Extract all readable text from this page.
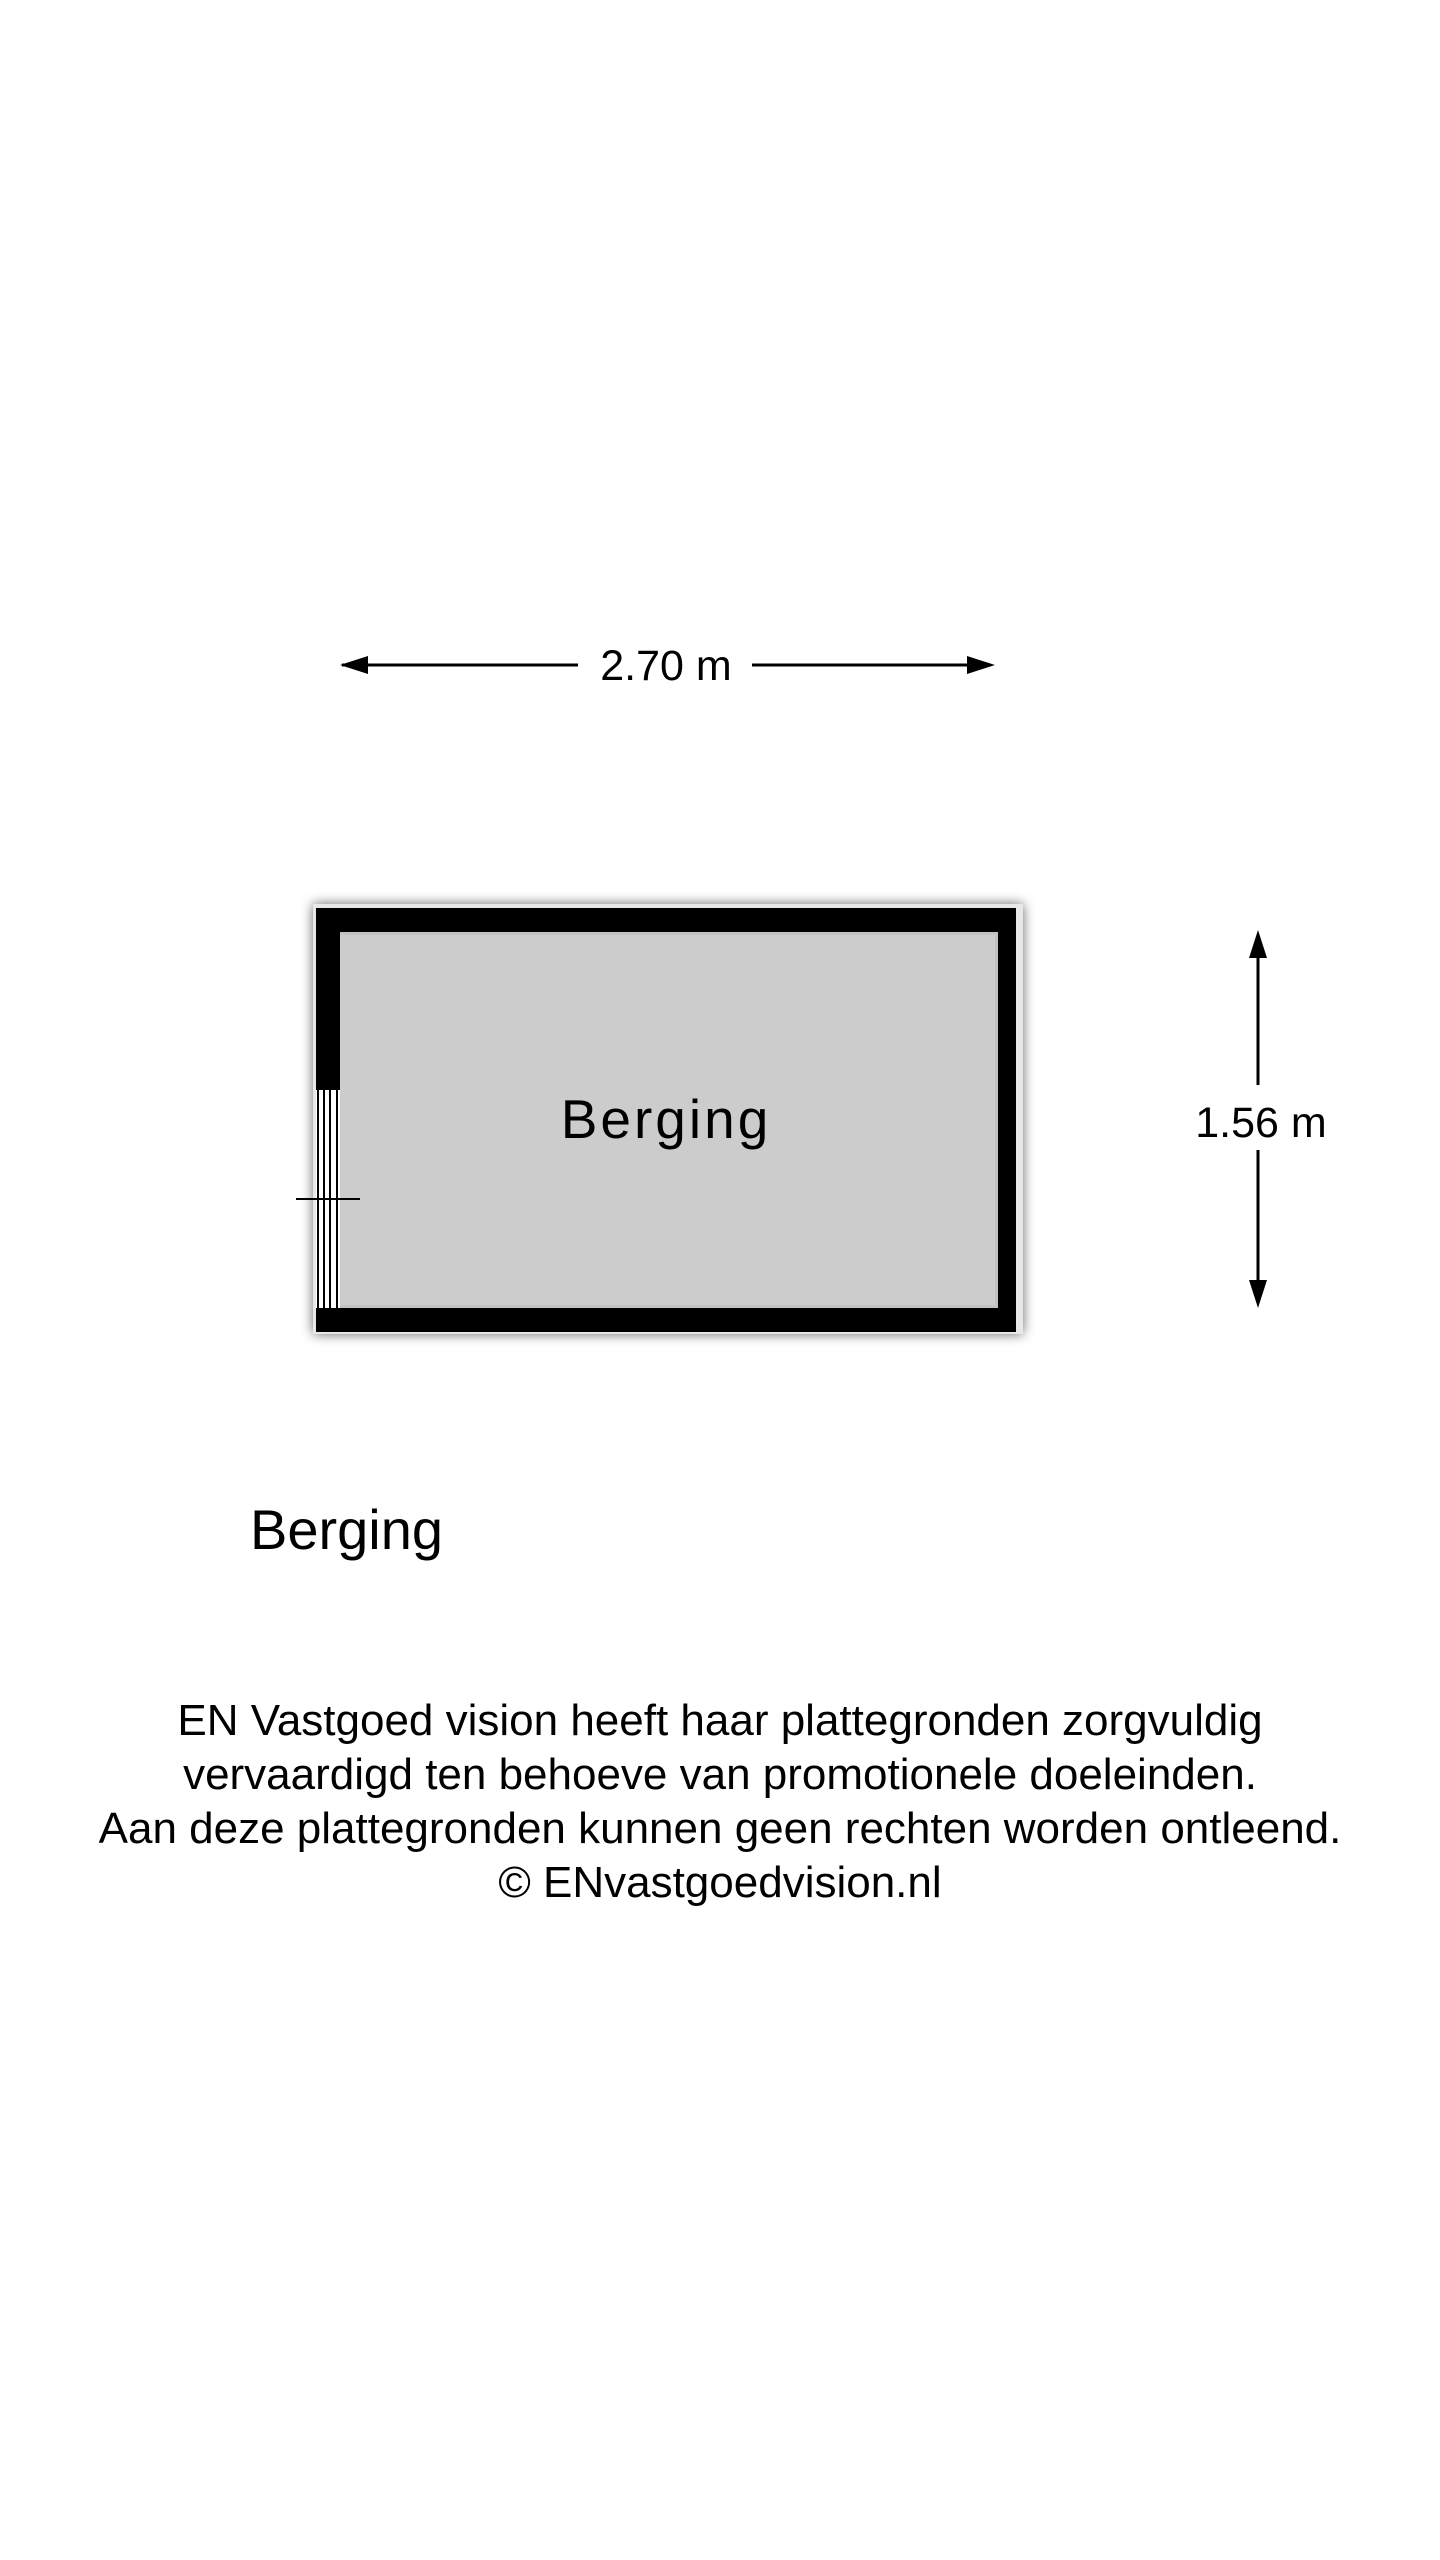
2.70 m
Berging	1.56 m
Berging
EN Vastgoed vision heeft haar plattegronden zorgvuldig
vervaardigd ten behoeve van promotionele doeleinden.
Aan deze plattegronden kunnen geen rechten worden ontleend.
© ENvastgoedvision.nl
